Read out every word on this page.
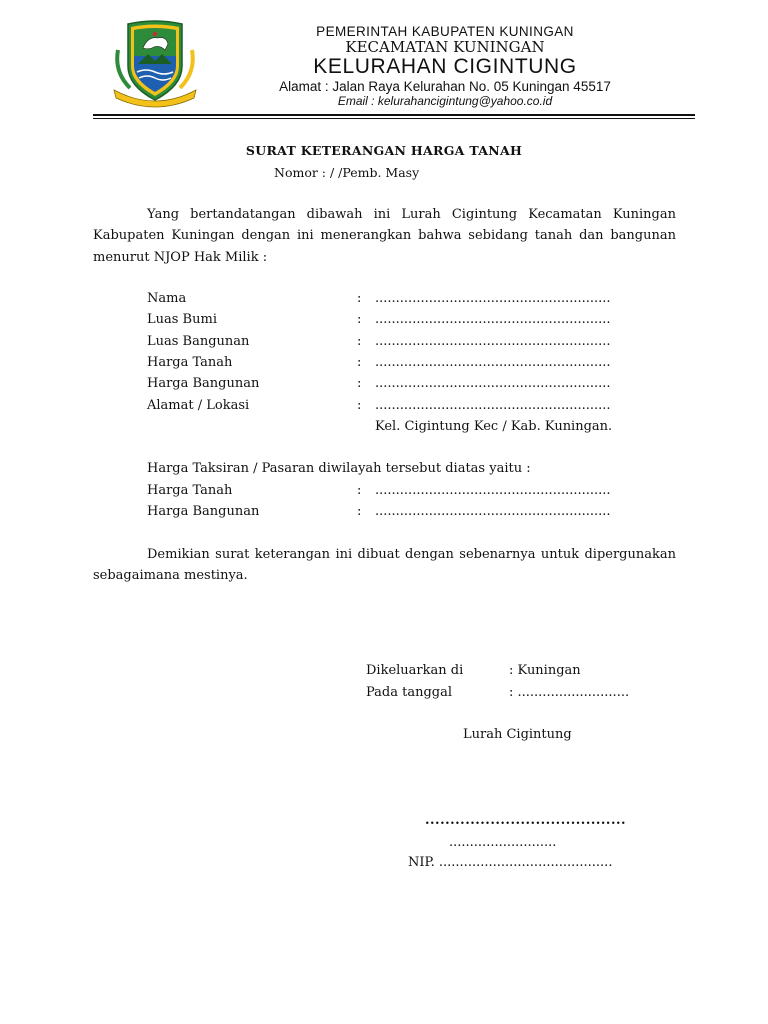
PEMERINTAH KABUPATEN KUNINGAN
KECAMATAN KUNINGAN
KELURAHAN CIGINTUNG
Alamat : Jalan Raya Kelurahan No. 05 Kuningan 45517
Email : kelurahancigintung@yahoo.co.id
SURAT KETERANGAN HARGA TANAH
Nomor : / /Pemb. Masy
Yang bertandatangan dibawah ini Lurah Cigintung Kecamatan Kuningan Kabupaten Kuningan dengan ini menerangkan bahwa sebidang tanah dan bangunan menurut NJOP Hak Milik :
Nama	: .........................................................
Luas Bumi	: .........................................................
Luas Bangunan	: .........................................................
Harga Tanah	: .........................................................
Harga Bangunan	: .........................................................
Alamat / Lokasi	: .........................................................
Kel. Cigintung Kec / Kab. Kuningan.
Harga Taksiran / Pasaran diwilayah tersebut diatas yaitu :
Harga Tanah	: .........................................................
Harga Bangunan	: .........................................................
Demikian surat keterangan ini dibuat dengan sebenarnya untuk dipergunakan sebagaimana mestinya.
Dikeluarkan di	: Kuningan
Pada tanggal	: ...........................
Lurah Cigintung
........................................
..........................
NIP. ..........................................
